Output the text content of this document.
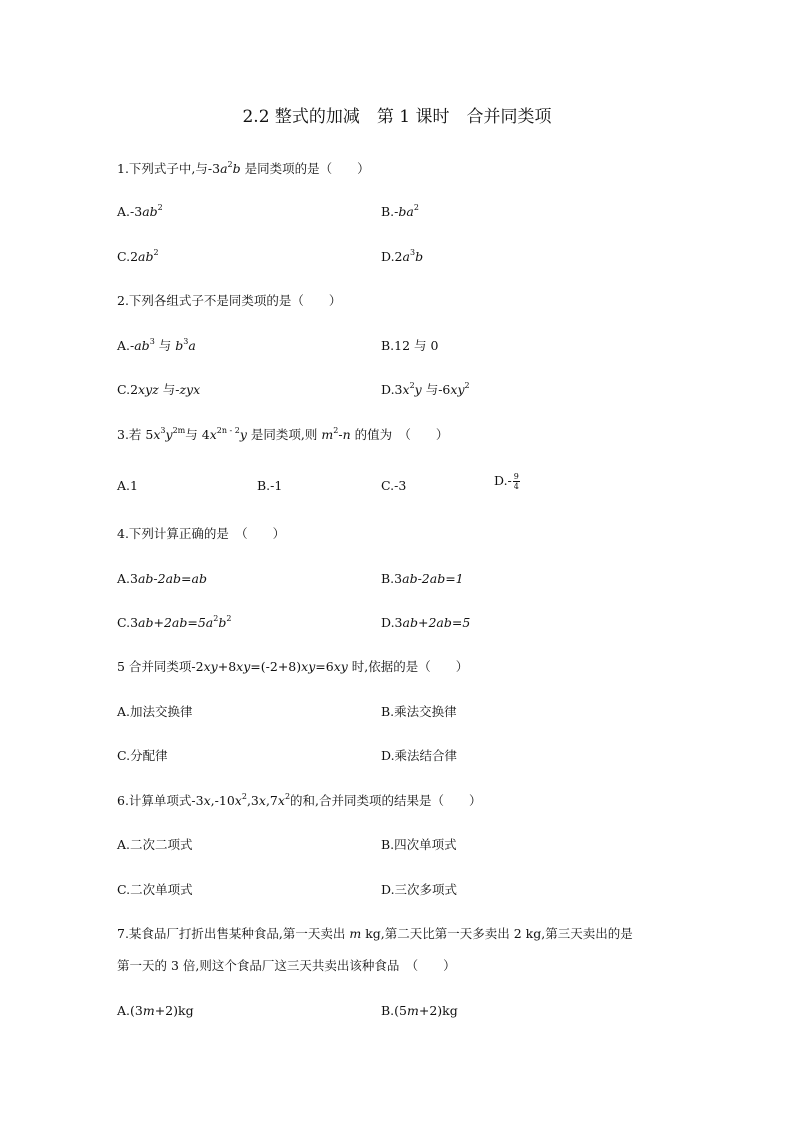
2.2 整式的加减　第 1 课时　合并同类项
1.下列式子中,与$-3a^2b$ 是同类项的是（　　）
$A.-3ab^2$	$B.-ba^2$
$C.2ab^2$	$D.2a^3b$
2.下列各组式子不是同类项的是（　　）
$A.-ab^3$ 与 $b^3a$	B.12 与 0
C.2xyz 与-zyx	$D.3x^2y$ 与$-6xy^2$
3.若 $5x^3y^{2m}$与 $4x^{2n - 2}y$ 是同类项,则 $m^2-n$ 的值为　（　　）
A.1	B.-1	C.-3	$D.- \frac{9}{4}$
4.下列计算正确的是　（　　）
A.3ab-2ab=ab	B.3ab-2ab=1
$C.3ab+2ab=5a^2b^2$	D.3ab+2ab=5
5 合并同类项-2xy+8xy=(-2+8)xy=6xy 时,依据的是（　　）
A.加法交换律	B.乘法交换律
C.分配律	D.乘法结合律
6.计算单项式$-3x,-10x^2,3x,7x^2$的和,合并同类项的结果是（　　）
A.二次二项式	B.四次单项式
C.二次单项式	D.三次多项式
7.某食品厂打折出售某种食品,第一天卖出 m kg,第二天比第一天多卖出 2 kg,第三天卖出的是
第一天的 3 倍,则这个食品厂这三天共卖出该种食品　（　　）
A.(3m+2)kg	B.(5m+2)kg
